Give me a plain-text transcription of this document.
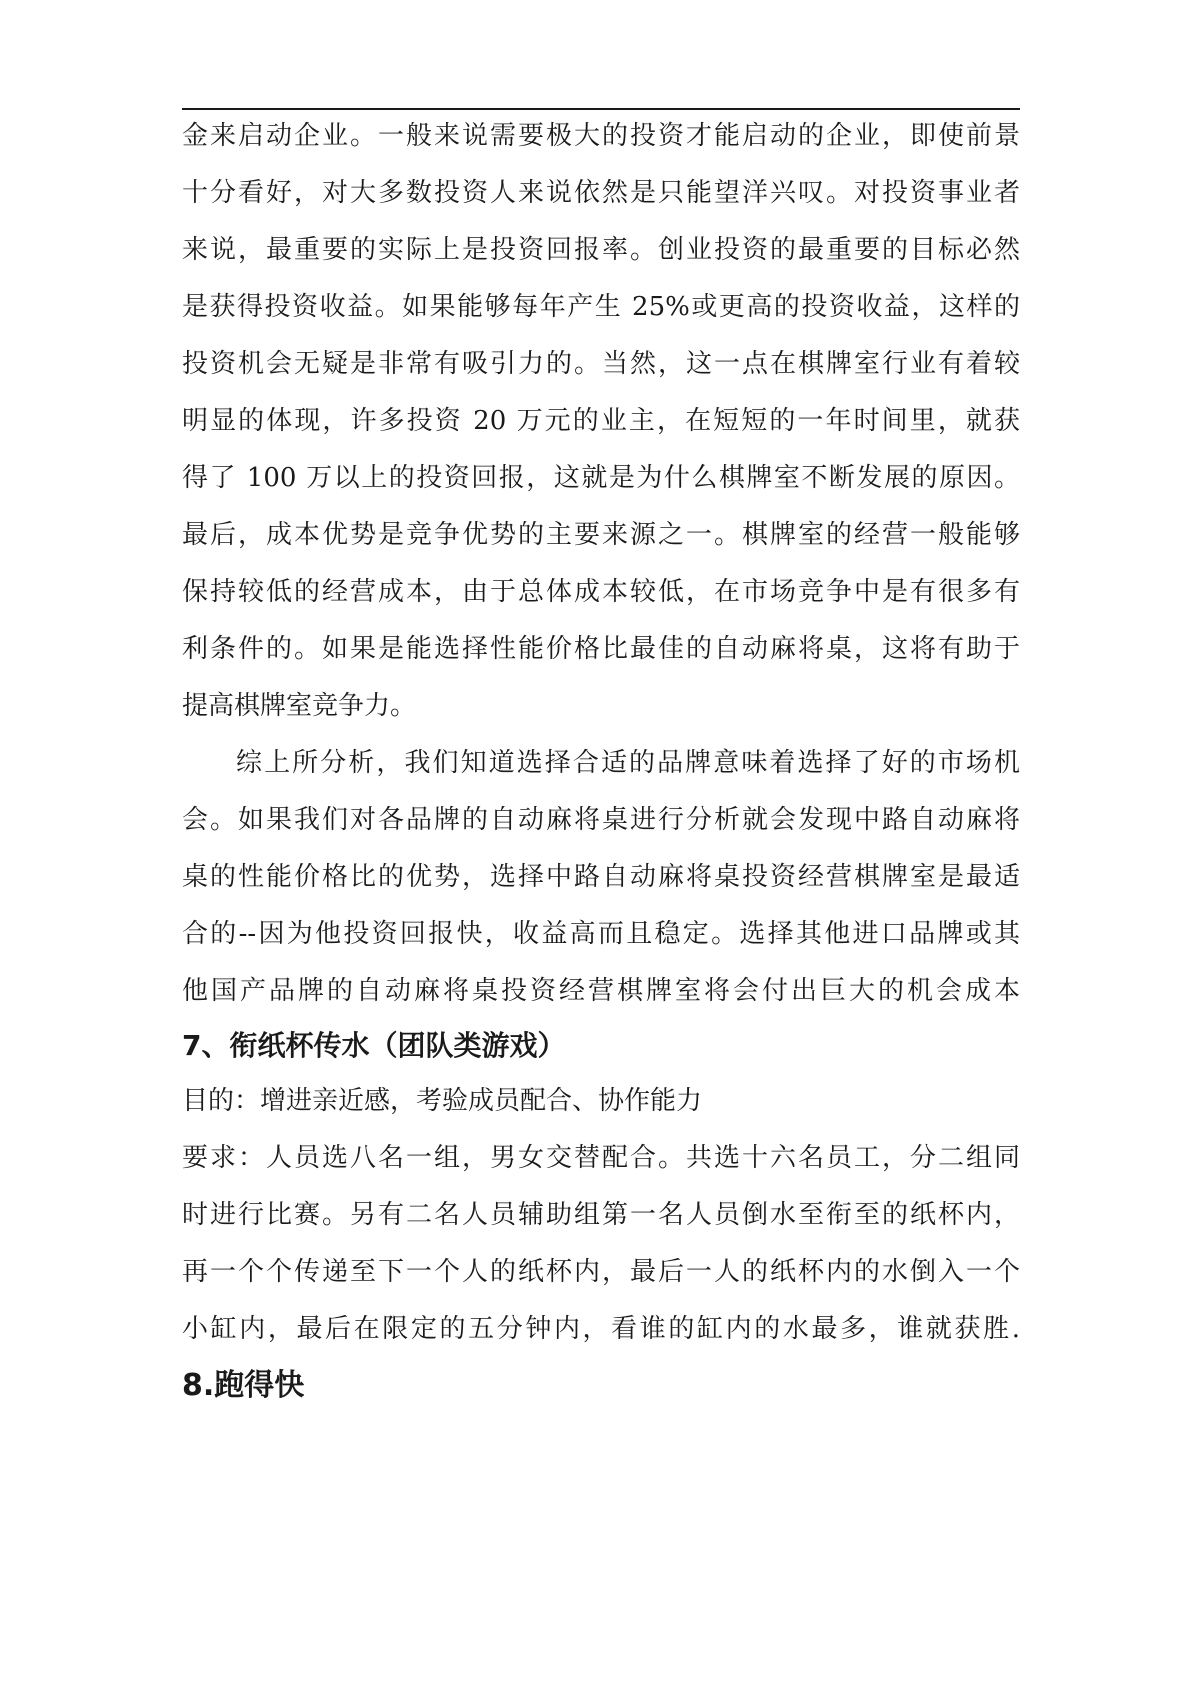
金来启动企业。一般来说需要极大的投资才能启动的企业，即使前景
十分看好，对大多数投资人来说依然是只能望洋兴叹。对投资事业者
来说，最重要的实际上是投资回报率。创业投资的最重要的目标必然
是获得投资收益。如果能够每年产生 25%或更高的投资收益，这样的
投资机会无疑是非常有吸引力的。当然，这一点在棋牌室行业有着较
明显的体现，许多投资 20 万元的业主，在短短的一年时间里，就获
得了 100 万以上的投资回报，这就是为什么棋牌室不断发展的原因。
最后，成本优势是竞争优势的主要来源之一。棋牌室的经营一般能够
保持较低的经营成本，由于总体成本较低，在市场竞争中是有很多有
利条件的。如果是能选择性能价格比最佳的自动麻将桌，这将有助于
提高棋牌室竞争力。
综上所分析，我们知道选择合适的品牌意味着选择了好的市场机
会。如果我们对各品牌的自动麻将桌进行分析就会发现中路自动麻将
桌的性能价格比的优势，选择中路自动麻将桌投资经营棋牌室是最适
合的--因为他投资回报快，收益高而且稳定。选择其他进口品牌或其
他国产品牌的自动麻将桌投资经营棋牌室将会付出巨大的机会成本
7、衔纸杯传水（团队类游戏）
目的：增进亲近感，考验成员配合、协作能力
要求：人员选八名一组，男女交替配合。共选十六名员工，分二组同
时进行比赛。另有二名人员辅助组第一名人员倒水至衔至的纸杯内，
再一个个传递至下一个人的纸杯内，最后一人的纸杯内的水倒入一个
小缸内，最后在限定的五分钟内，看谁的缸内的水最多，谁就获胜.
8.跑得快
